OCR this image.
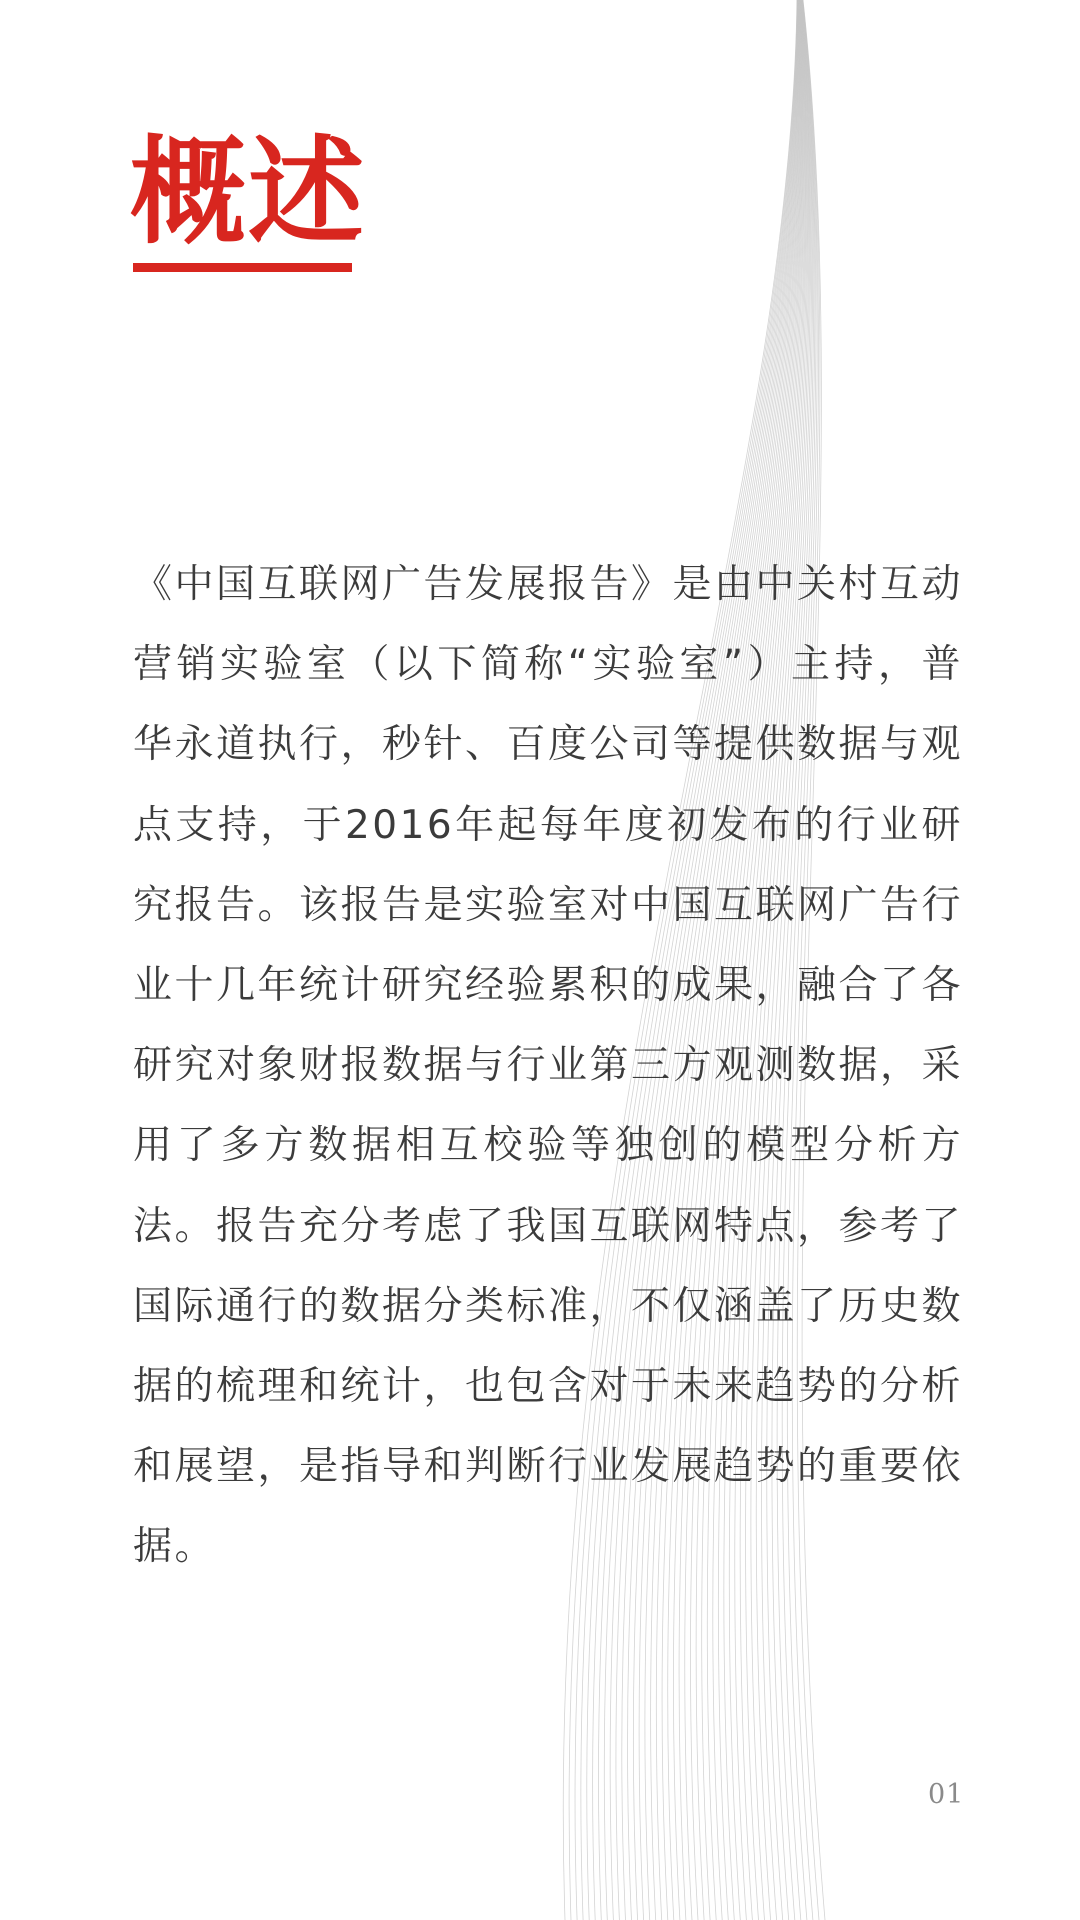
概述

《中国互联网广告发展报告》是由中关村互动营销实验室（以下简称“实验室”）主持，普华永道执行，秒针、百度公司等提供数据与观点支持，于2016年起每年度初发布的行业研究报告。该报告是实验室对中国互联网广告行业十几年统计研究经验累积的成果，融合了各研究对象财报数据与行业第三方观测数据，采用了多方数据相互校验等独创的模型分析方法。报告充分考虑了我国互联网特点，参考了国际通行的数据分类标准，不仅涵盖了历史数据的梳理和统计，也包含对于未来趋势的分析和展望，是指导和判断行业发展趋势的重要依据。

01
